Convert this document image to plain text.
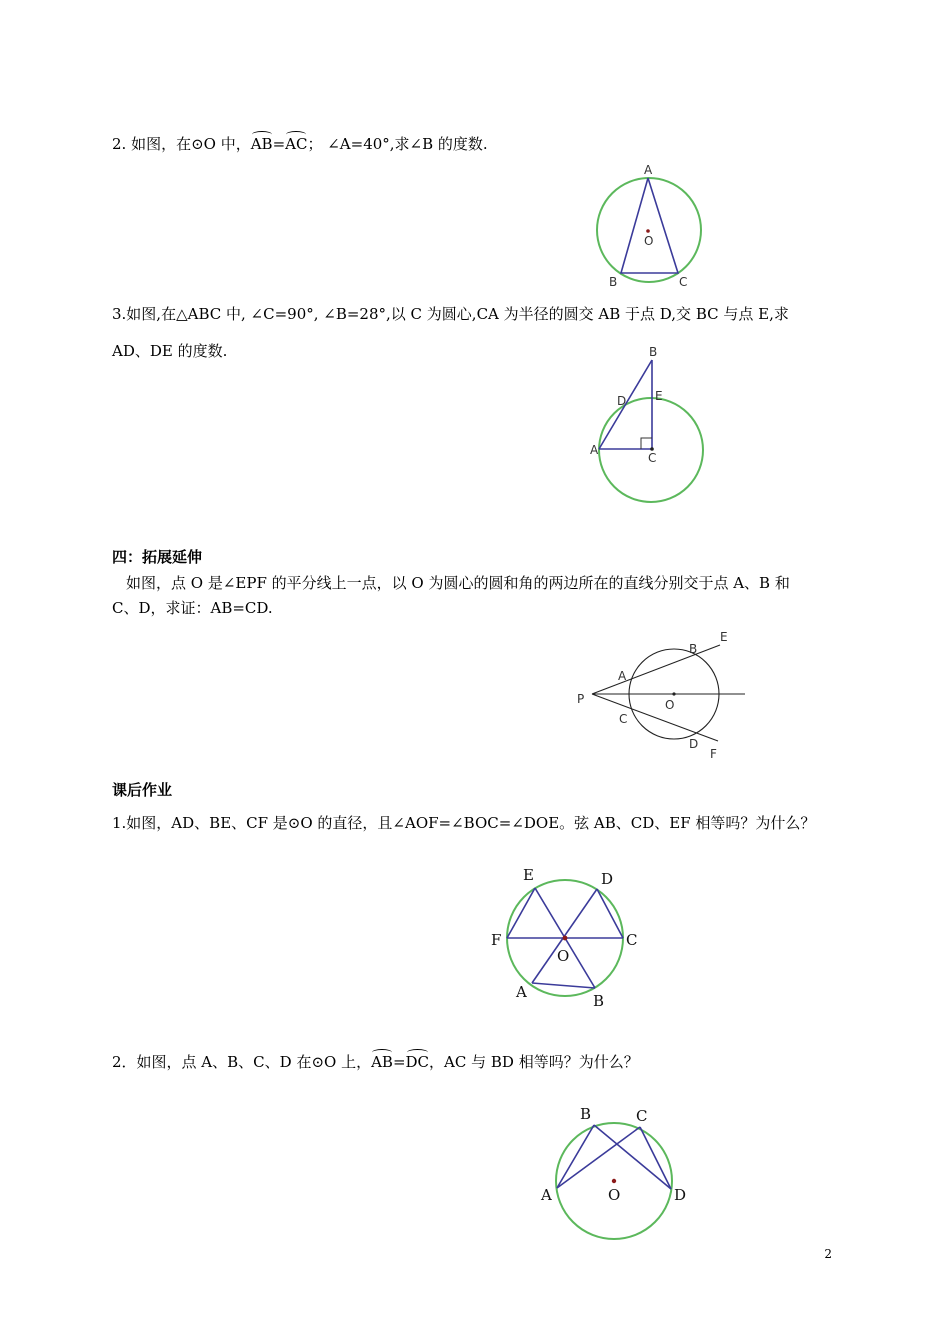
2. 如图，在⊙O 中，AB=AC； ∠A=40°,求∠B 的度数.
A
O
B	C
3.如图,在△ABC 中, ∠C=90°, ∠B=28°,以 C 为圆心,CA 为半径的圆交 AB 于点 D,交 BC 与点 E,求
AD、DE 的度数.	B
E
D
A
C
四：拓展延伸
如图，点 O 是∠EPF 的平分线上一点，以 O 为圆心的圆和角的两边所在的直线分别交于点 A、B 和
C、D，求证：AB=CD.
P
A
B
E
O
C
D
F
课后作业
1.如图，AD、BE、CF 是⊙O 的直径，且∠AOF=∠BOC=∠DOE。弦 AB、CD、EF 相等吗？为什么？
E	D
F	C
O
A	B
2．如图，点 A、B、C、D 在⊙O 上，AB=DC，AC 与 BD 相等吗？为什么？
B	C
A	D
O
2
